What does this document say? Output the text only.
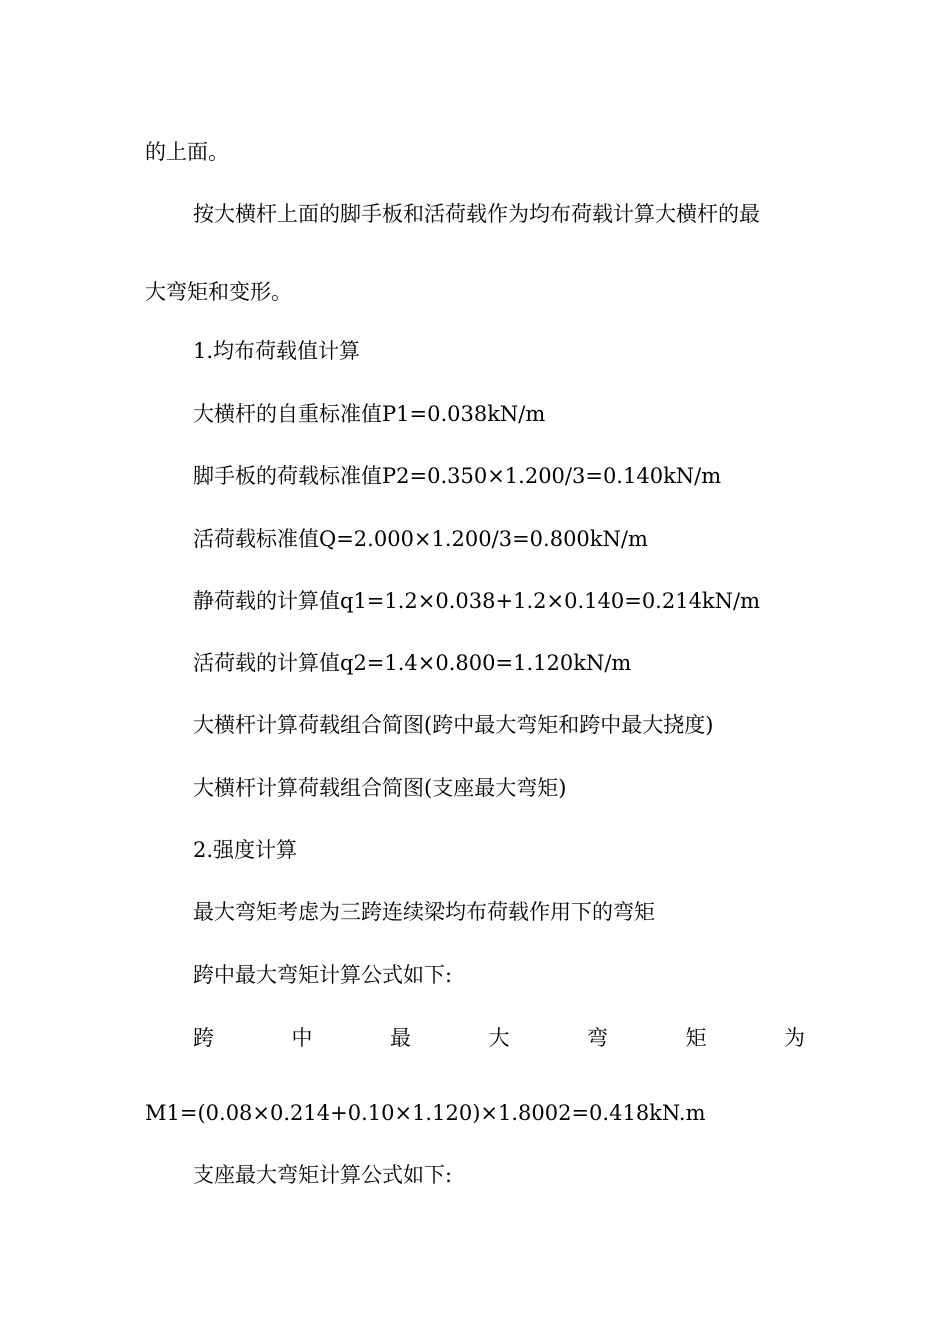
的上面。
按大横杆上面的脚手板和活荷载作为均布荷载计算大横杆的最
大弯矩和变形。
1.均布荷载值计算
大横杆的自重标准值P1=0.038kN/m
脚手板的荷载标准值P2=0.350×1.200/3=0.140kN/m
活荷载标准值Q=2.000×1.200/3=0.800kN/m
静荷载的计算值q1=1.2×0.038+1.2×0.140=0.214kN/m
活荷载的计算值q2=1.4×0.800=1.120kN/m
大横杆计算荷载组合简图(跨中最大弯矩和跨中最大挠度)
大横杆计算荷载组合简图(支座最大弯矩)
2.强度计算
最大弯矩考虑为三跨连续梁均布荷载作用下的弯矩
跨中最大弯矩计算公式如下:
跨	中	最	大	弯	矩	为
M1=(0.08×0.214+0.10×1.120)×1.8002=0.418kN.m
支座最大弯矩计算公式如下:
